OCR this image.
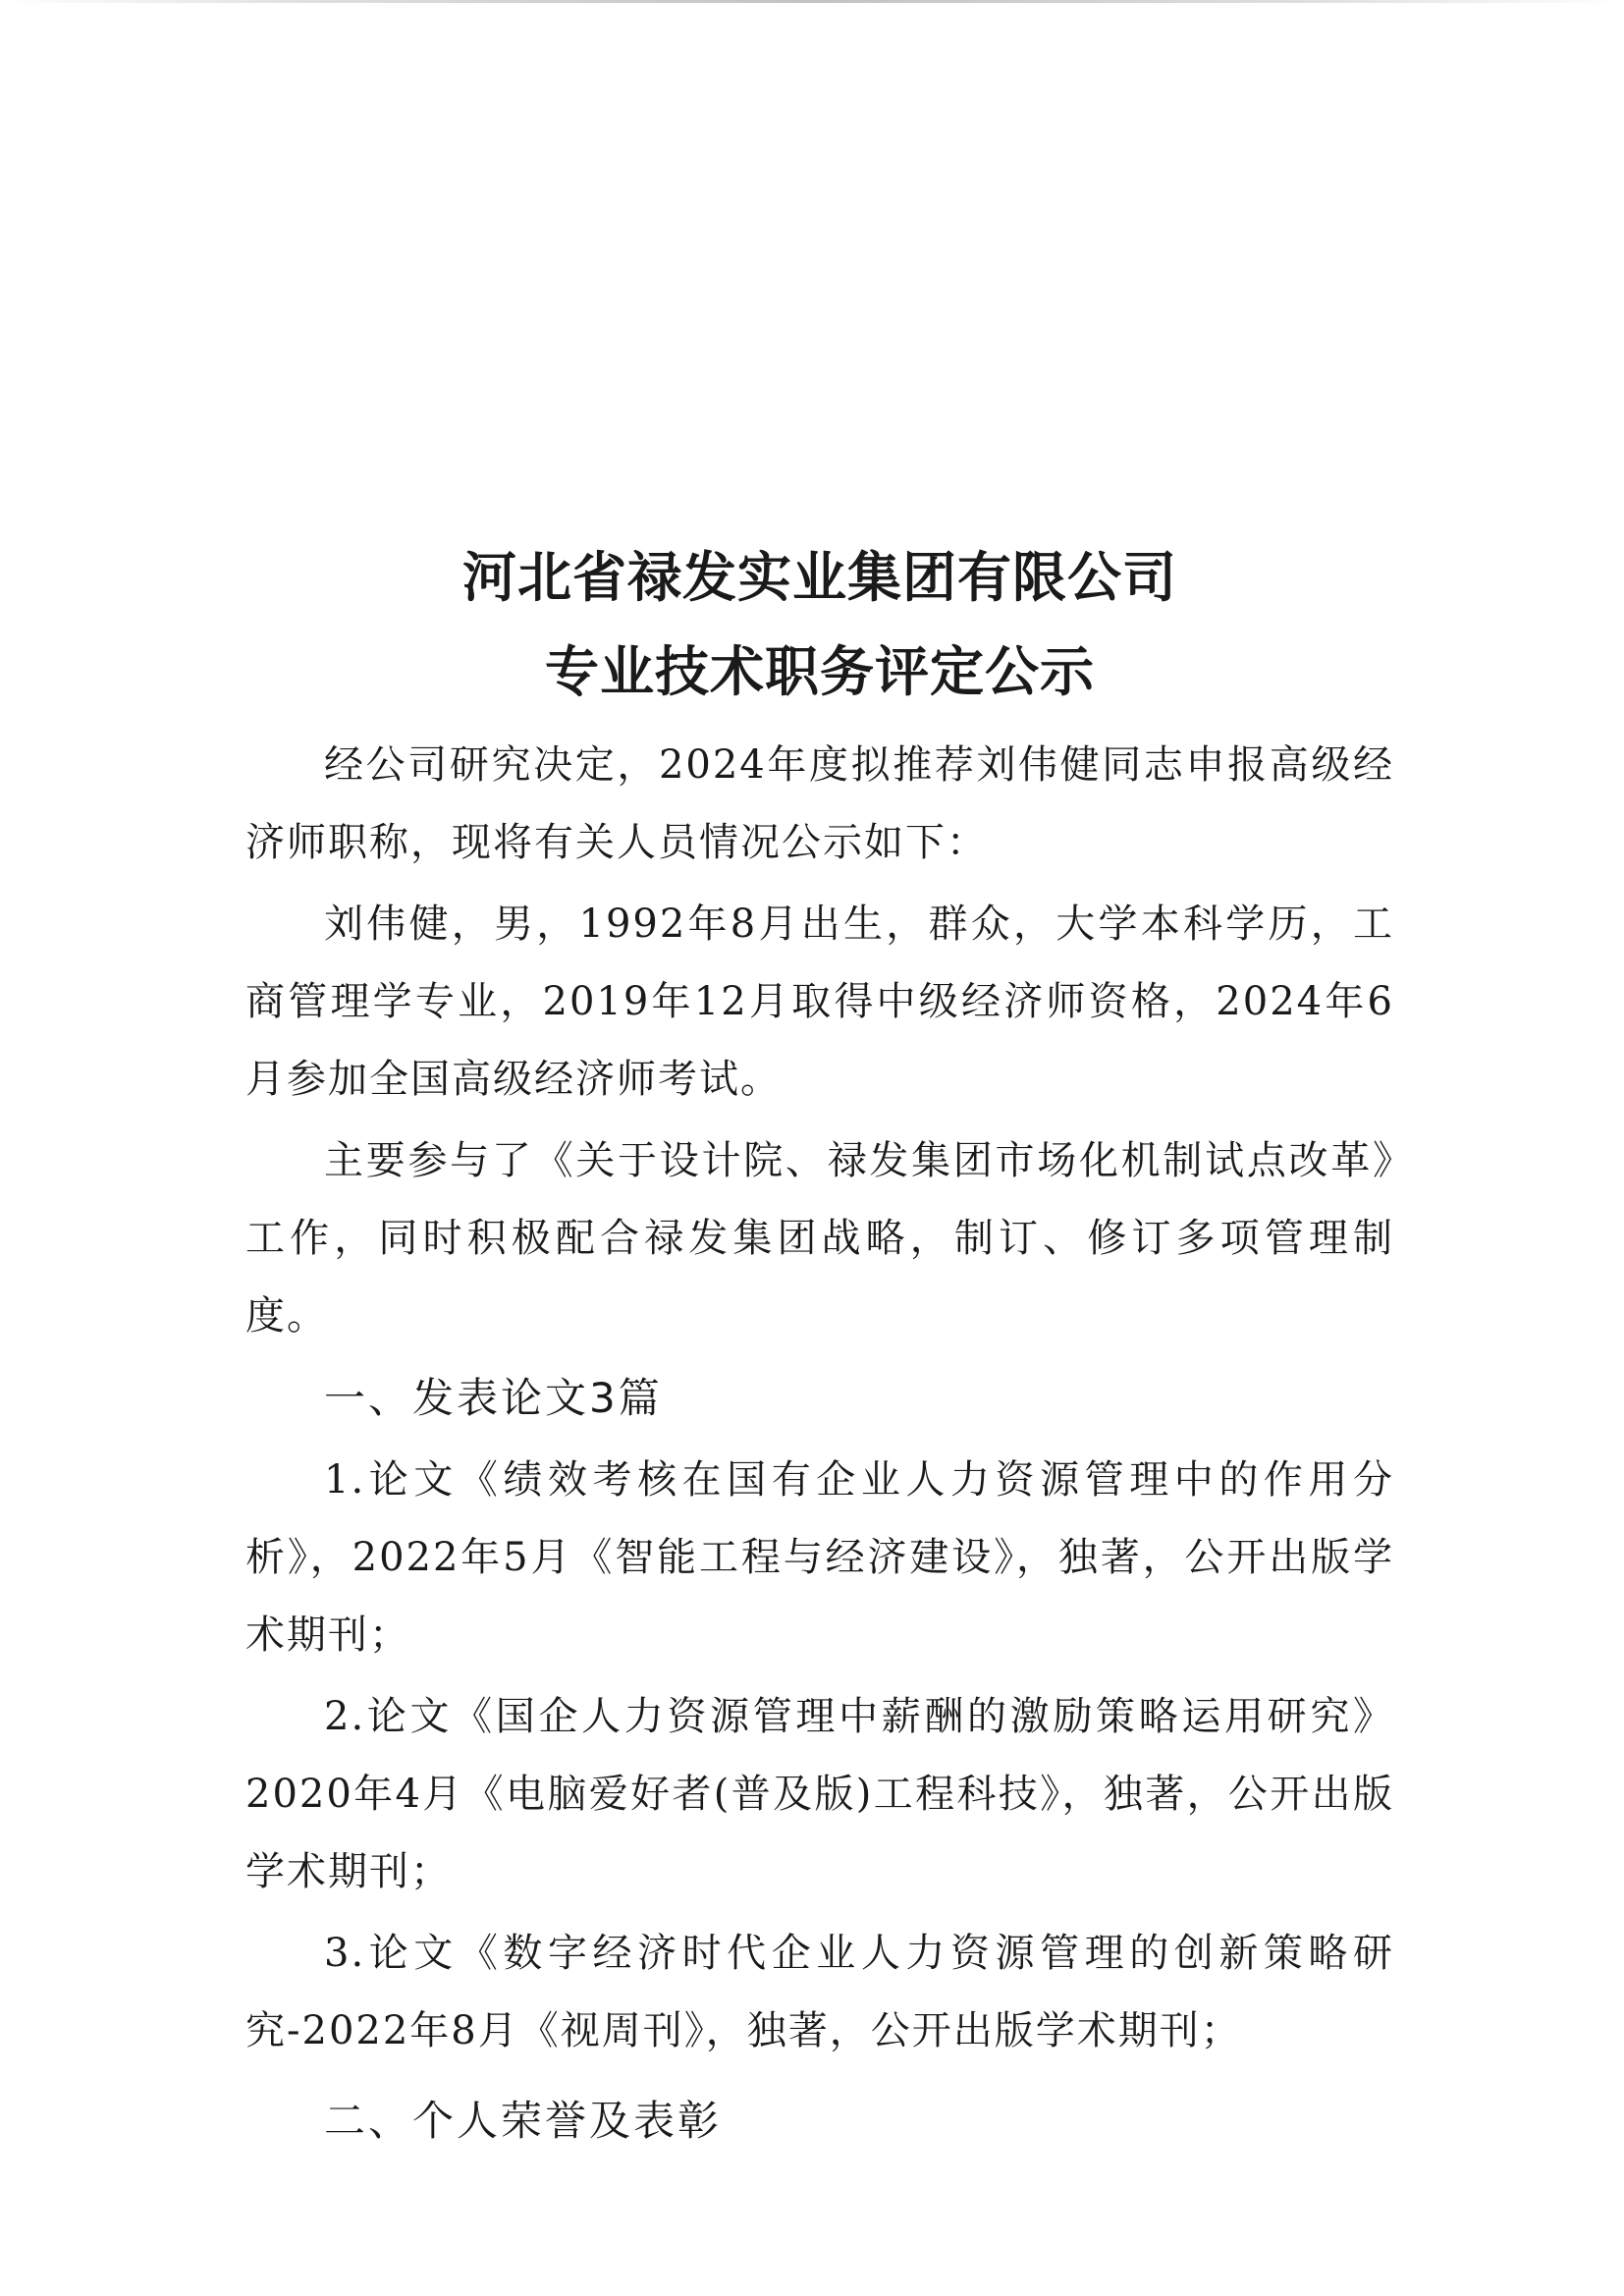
河北省禄发实业集团有限公司
专业技术职务评定公示

经公司研究决定，2024年度拟推荐刘伟健同志申报高级经济师职称，现将有关人员情况公示如下：

刘伟健，男，1992年8月出生，群众，大学本科学历，工商管理学专业，2019年12月取得中级经济师资格，2024年6月参加全国高级经济师考试。

主要参与了《关于设计院、禄发集团市场化机制试点改革》工作，同时积极配合禄发集团战略，制订、修订多项管理制度。

一、发表论文3篇

1.论文《绩效考核在国有企业人力资源管理中的作用分析》，2022年5月《智能工程与经济建设》，独著，公开出版学术期刊；

2.论文《国企人力资源管理中薪酬的激励策略运用研究》2020年4月《电脑爱好者(普及版)工程科技》，独著，公开出版学术期刊；

3.论文《数字经济时代企业人力资源管理的创新策略研究-2022年8月《视周刊》，独著，公开出版学术期刊；

二、个人荣誉及表彰
